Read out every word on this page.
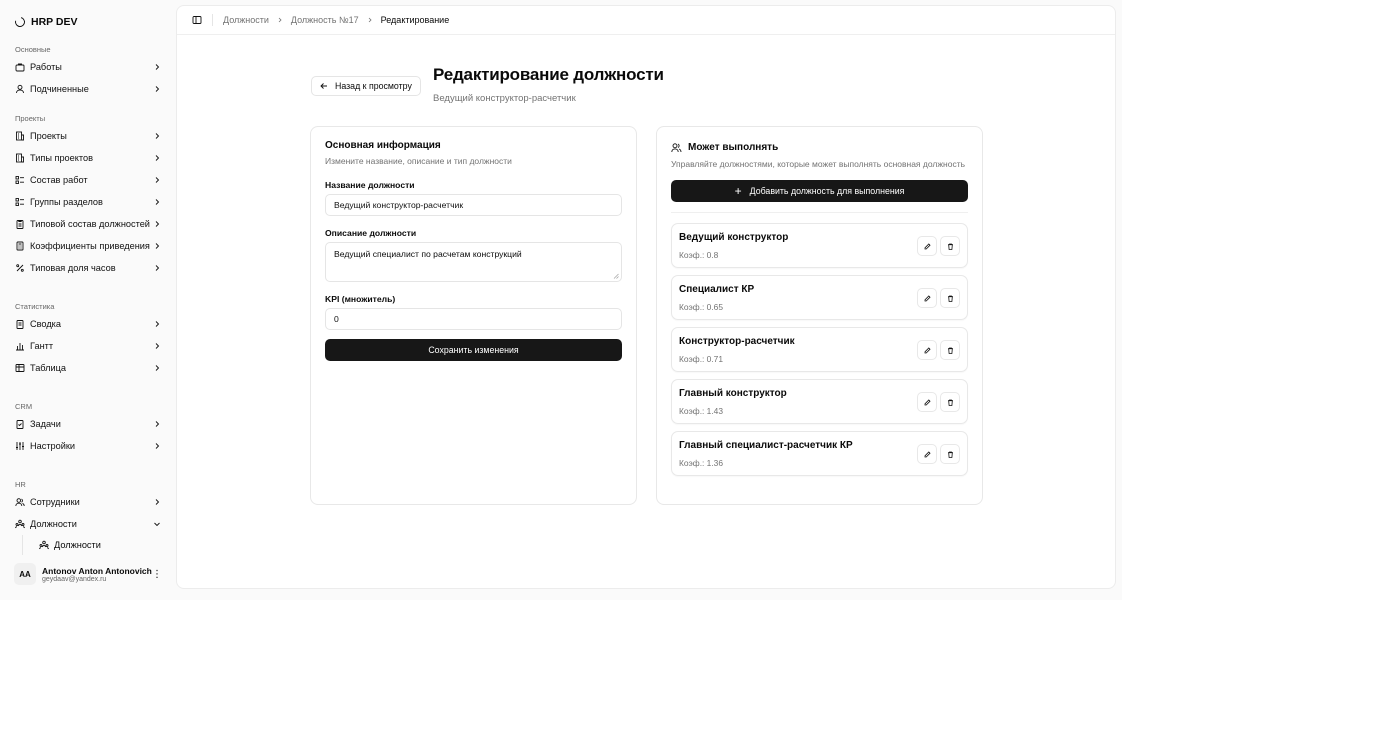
HRP DEV
Основные
Работы
Подчиненные
Проекты
Проекты
Типы проектов
Состав работ
Группы разделов
Типовой состав должностей
Коэффициенты приведения
Типовая доля часов
Статистика
Сводка
Гантт
Таблица
CRM
Задачи
Настройки
HR
Сотрудники
Должности
Должности
AA	Antonov Anton Antonovich
geydaav@yandex.ru	⋮
Должности Должность №17 Редактирование
Назад к просмотру
Редактирование должности
Ведущий конструктор-расчетчик
Основная информация
Измените название, описание и тип должности
Название должности
Ведущий конструктор-расчетчик
Описание должности
Ведущий специалист по расчетам конструкций
KPI (множитель)
0
Сохранить изменения
Может выполнять
Управляйте должностями, которые может выполнять основная должность
+ Добавить должность для выполнения
Ведущий конструктор
Коэф.: 0.8
Специалист КР
Коэф.: 0.65
Конструктор-расчетчик
Коэф.: 0.71
Главный конструктор
Коэф.: 1.43
Главный специалист-расчетчик КР
Коэф.: 1.36
